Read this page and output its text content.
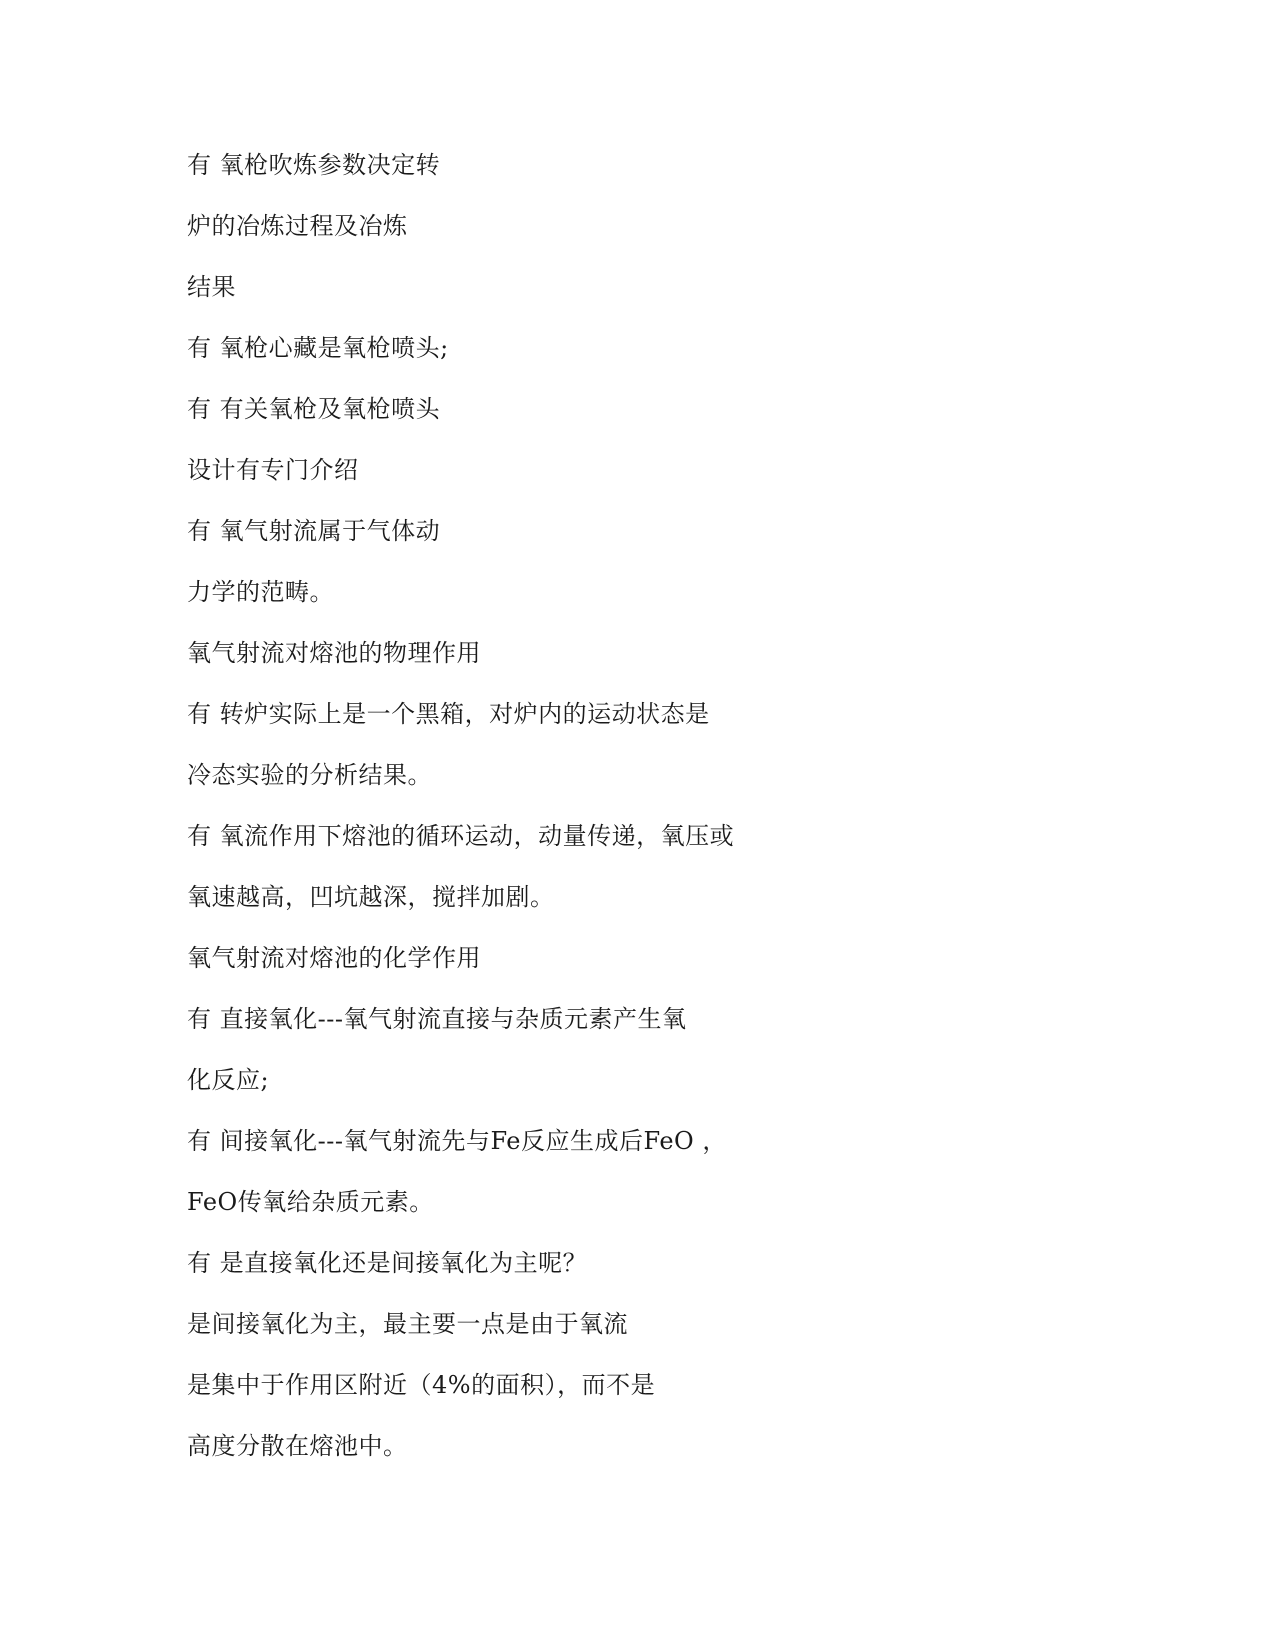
有 氧枪吹炼参数决定转
炉的冶炼过程及冶炼
结果
有 氧枪心藏是氧枪喷头;
有 有关氧枪及氧枪喷头
设计有专门介绍
有 氧气射流属于气体动
力学的范畴。
氧气射流对熔池的物理作用
有 转炉实际上是一个黑箱，对炉内的运动状态是
冷态实验的分析结果。
有 氧流作用下熔池的循环运动，动量传递，氧压或
氧速越高，凹坑越深，搅拌加剧。
氧气射流对熔池的化学作用
有 直接氧化---氧气射流直接与杂质元素产生氧
化反应;
有 间接氧化---氧气射流先与Fe反应生成后FeO ，
FeO传氧给杂质元素。
有 是直接氧化还是间接氧化为主呢？
是间接氧化为主，最主要一点是由于氧流
是集中于作用区附近（4%的面积），而不是
高度分散在熔池中。
